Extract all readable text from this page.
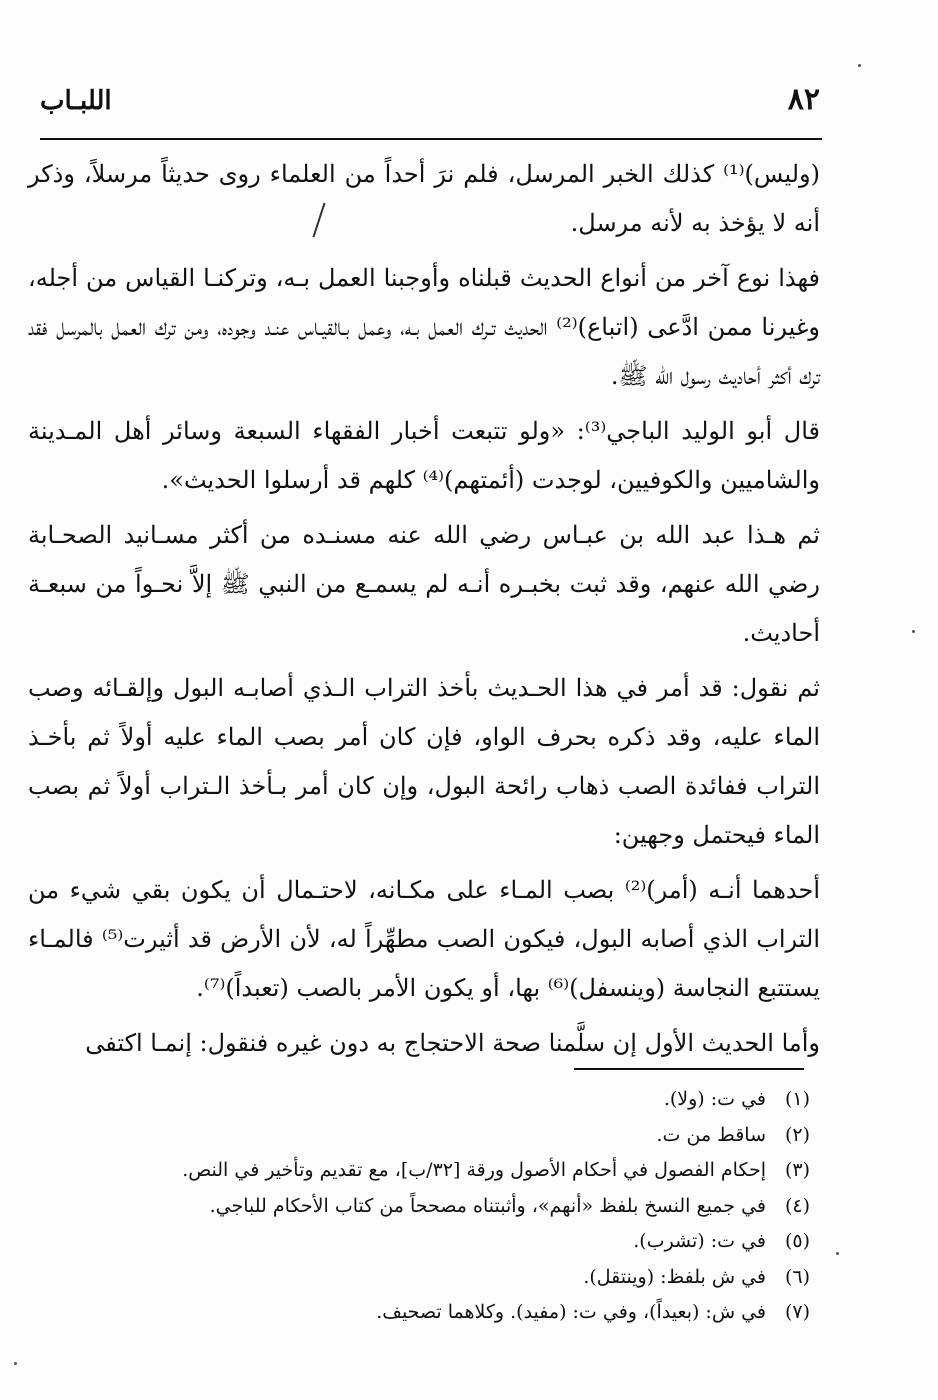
اللبـاب	٨٢

(وليس)⁽¹⁾ كذلك الخبر المرسل، فلم نرَ أحداً من العلماء روى حديثاً مرسلاً، وذكر أنه لا يؤخذ به لأنه مرسل.

فهذا نوع آخر من أنواع الحديث قبلناه وأوجبنا العمل بـه، وتركنـا القياس من أجله، وغيرنا ممن ادَّعى (اتباع)⁽²⁾ الحديث تـرك العمل بـه، وعمل بـالقيـاس عنـد وجوده، ومن ترك العمل بالمرسل فقد ترك أكثر أحاديث رسول الله ﷺ.

قال أبو الوليد الباجي⁽³⁾: «ولو تتبعت أخبار الفقهاء السبعة وسائر أهل المـدينة والشاميين والكوفيين، لوجدت (أئمتهم)⁽⁴⁾ كلهم قد أرسلوا الحديث».

ثم هـذا عبد الله بن عبـاس رضي الله عنه مسنـده من أكثر مسـانيد الصحـابة رضي الله عنهم، وقد ثبت بخبـره أنـه لم يسمـع من النبي ﷺ إلاَّ نحـواً من سبعـة أحاديث.

ثم نقول: قد أمر في هذا الحـديث بأخذ التراب الـذي أصابـه البول وإلقـائه وصب الماء عليه، وقد ذكره بحرف الواو، فإن كان أمر بصب الماء عليه أولاً ثم بأخـذ التراب ففائدة الصب ذهاب رائحة البول، وإن كان أمر بـأخذ الـتراب أولاً ثم بصب الماء فيحتمل وجهين:

أحدهما أنـه (أمر)⁽²⁾ بصب المـاء على مكـانه، لاحتـمال أن يكون بقي شيء من التراب الذي أصابه البول، فيكون الصب مطهِّراً له، لأن الأرض قد أثيرت⁽⁵⁾ فالمـاء يستتبع النجاسة (وينسفل)⁽⁶⁾ بها، أو يكون الأمر بالصب (تعبداً)⁽⁷⁾.

وأما الحديث الأول إن سلَّمنا صحة الاحتجاج به دون غيره فنقول: إنمـا اكتفى

(١)
في ت: (ولا).
(٢)
ساقط من ت.
(٣)
إحكام الفصول في أحكام الأصول ورقة [٣٢/ب]، مع تقديم وتأخير في النص.
(٤)
في جميع النسخ بلفظ «أنهم»، وأثبتناه مصححاً من كتاب الأحكام للباجي.
(٥)
في ت: (تشرب).
(٦)
في ش بلفظ: (وينتقل).
(٧)
في ش: (بعيداً)، وفي ت: (مفيد). وكلاهما تصحيف.
